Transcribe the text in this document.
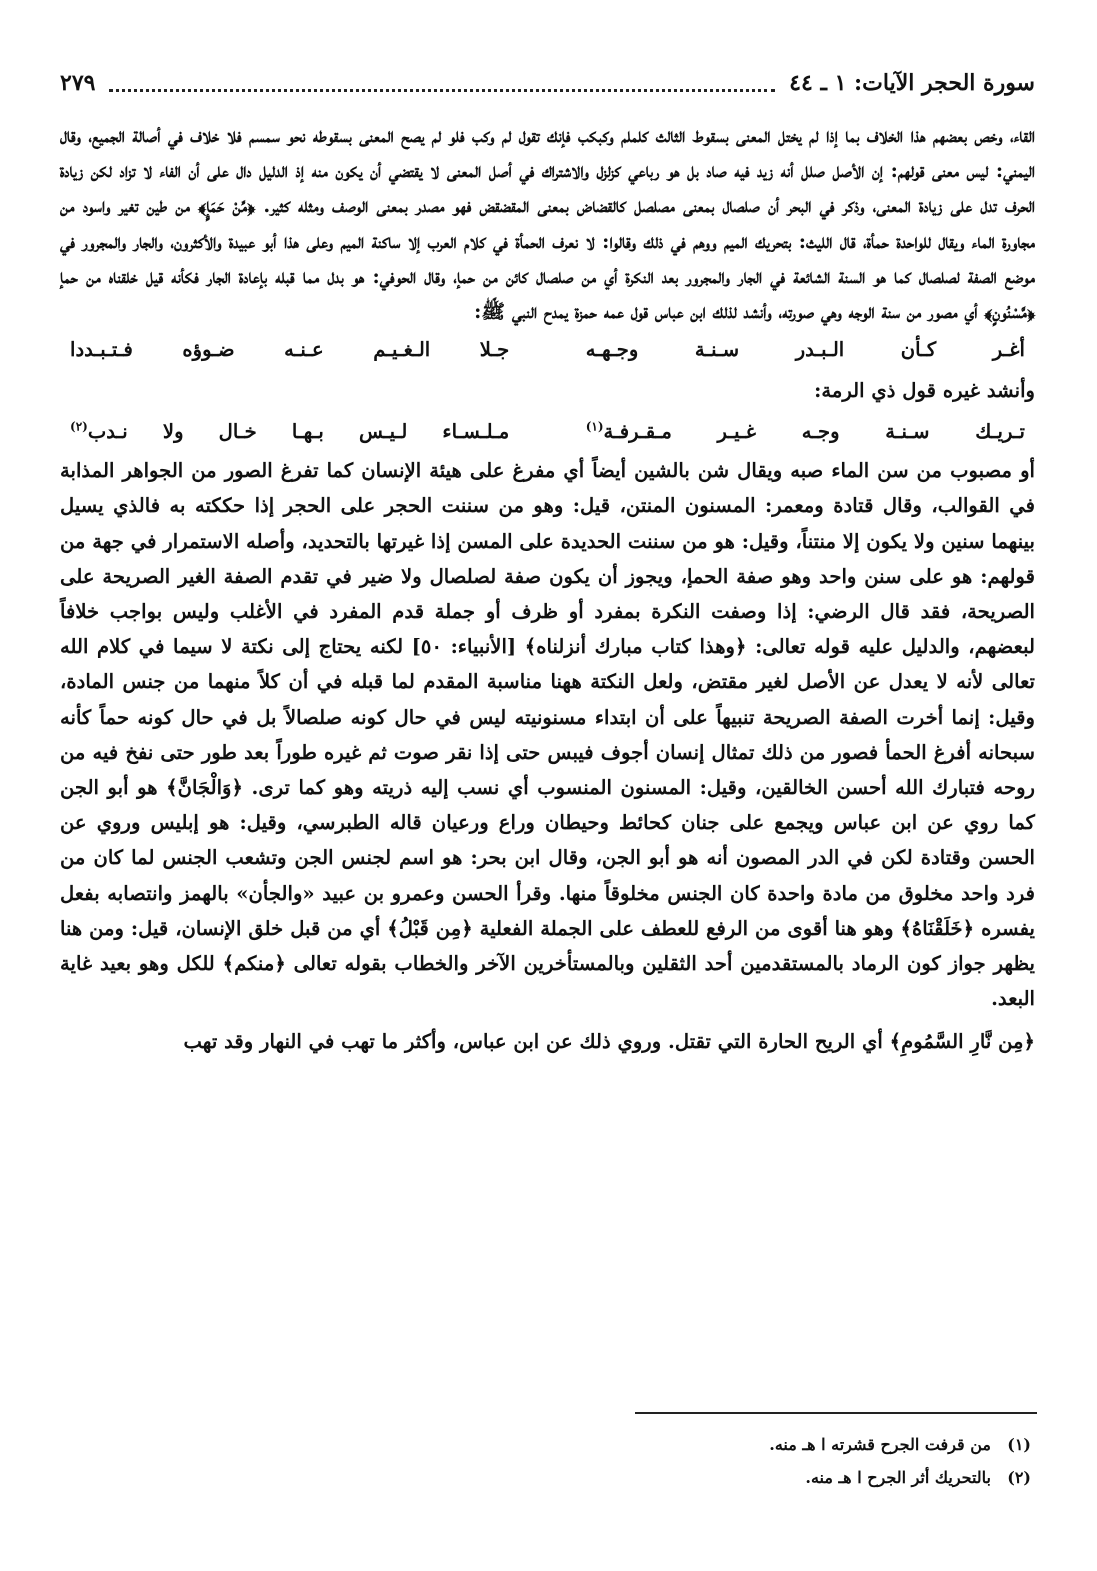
سورة الحجر الآيات: ١ ـ ٤٤
٢٧٩

القاء، وخص بعضهم هذا الخلاف بما إذا لم يختل المعنى بسقوط الثالث كلملم وكبكب فإنك تقول لم وكب فلو لم يصح المعنى بسقوطه نحو سمسم فلا خلاف في أصالة الجميع، وقال اليمني: ليس معنى قولهم: إن الأصل صلل أنه زيد فيه صاد بل هو رباعي كزلزل والاشتراك في أصل المعنى لا يقتضي أن يكون منه إذ الدليل دال على أن الفاء لا تزاد لكن زيادة الحرف تدل على زيادة المعنى، وذكر في البحر أن صلصال بمعنى مصلصل كالقضاض بمعنى المقضقض فهو مصدر بمعنى الوصف ومثله كثير. ﴿مِّنْ حَمَإٍ﴾ من طين تغير واسود من مجاورة الماء ويقال للواحدة حمأة، قال الليث: بتحريك الميم ووهم في ذلك وقالوا: لا نعرف الحمأة في كلام العرب إلا ساكنة الميم وعلى هذا أبو عبيدة والأكثرون، والجار والمجرور في موضع الصفة لصلصال كما هو السنة الشائعة في الجار والمجرور بعد النكرة أي من صلصال كائن من حمإ، وقال الحوفي: هو بدل مما قبله بإعادة الجار فكأنه قيل خلقناه من حمإ ﴿مَّسْنُونٍ﴾ أي مصور من سنة الوجه وهي صورته، وأنشد لذلك ابن عباس قول عمه حمزة يمدح النبي ﷺ:

أغـر كـأن الـبـدر سـنـة وجـهـه
جـلا الـغـيـم عـنـه ضـوؤه فـتـبـددا
وأنشد غيره قول ذي الرمة:
تـريـك سـنـة وجـه غـيـر مـقـرفـة$^{(١)}$
مـلـسـاء لـيـس بـهـا خـال ولا نـدب$^{(٢)}$

أو مصبوب من سن الماء صبه ويقال شن بالشين أيضاً أي مفرغ على هيئة الإنسان كما تفرغ الصور من الجواهر المذابة في القوالب، وقال قتادة ومعمر: المسنون المنتن، قيل: وهو من سننت الحجر على الحجر إذا حككته به فالذي يسيل بينهما سنين ولا يكون إلا منتناً، وقيل: هو من سننت الحديدة على المسن إذا غيرتها بالتحديد، وأصله الاستمرار في جهة من قولهم: هو على سنن واحد وهو صفة الحمإ، ويجوز أن يكون صفة لصلصال ولا ضير في تقدم الصفة الغير الصريحة على الصريحة، فقد قال الرضي: إذا وصفت النكرة بمفرد أو ظرف أو جملة قدم المفرد في الأغلب وليس بواجب خلافاً لبعضهم، والدليل عليه قوله تعالى: ﴿وهذا كتاب مبارك أنزلناه﴾ [الأنبياء: ٥٠] لكنه يحتاج إلى نكتة لا سيما في كلام الله تعالى لأنه لا يعدل عن الأصل لغير مقتض، ولعل النكتة ههنا مناسبة المقدم لما قبله في أن كلاً منهما من جنس المادة، وقيل: إنما أخرت الصفة الصريحة تنبيهاً على أن ابتداء مسنونيته ليس في حال كونه صلصالاً بل في حال كونه حماً كأنه سبحانه أفرغ الحمأ فصور من ذلك تمثال إنسان أجوف فيبس حتى إذا نقر صوت ثم غيره طوراً بعد طور حتى نفخ فيه من روحه فتبارك الله أحسن الخالقين، وقيل: المسنون المنسوب أي نسب إليه ذريته وهو كما ترى. ﴿وَالْجَانَّ﴾ هو أبو الجن كما روي عن ابن عباس ويجمع على جنان كحائط وحيطان وراع ورعيان قاله الطبرسي، وقيل: هو إبليس وروي عن الحسن وقتادة لكن في الدر المصون أنه هو أبو الجن، وقال ابن بحر: هو اسم لجنس الجن وتشعب الجنس لما كان من فرد واحد مخلوق من مادة واحدة كان الجنس مخلوقاً منها. وقرأ الحسن وعمرو بن عبيد «والجأن» بالهمز وانتصابه بفعل يفسره ﴿خَلَقْنَاهُ﴾ وهو هنا أقوى من الرفع للعطف على الجملة الفعلية ﴿مِن قَبْلُ﴾ أي من قبل خلق الإنسان، قيل: ومن هنا يظهر جواز كون الرماد بالمستقدمين أحد الثقلين وبالمستأخرين الآخر والخطاب بقوله تعالى ﴿منكم﴾ للكل وهو بعيد غاية البعد.

﴿مِن نَّارِ السَّمُومِ﴾ أي الريح الحارة التي تقتل. وروي ذلك عن ابن عباس، وأكثر ما تهب في النهار وقد تهب

(١)من قرفت الجرح قشرته ا هـ منه.
(٢)بالتحريك أثر الجرح ا هـ منه.
